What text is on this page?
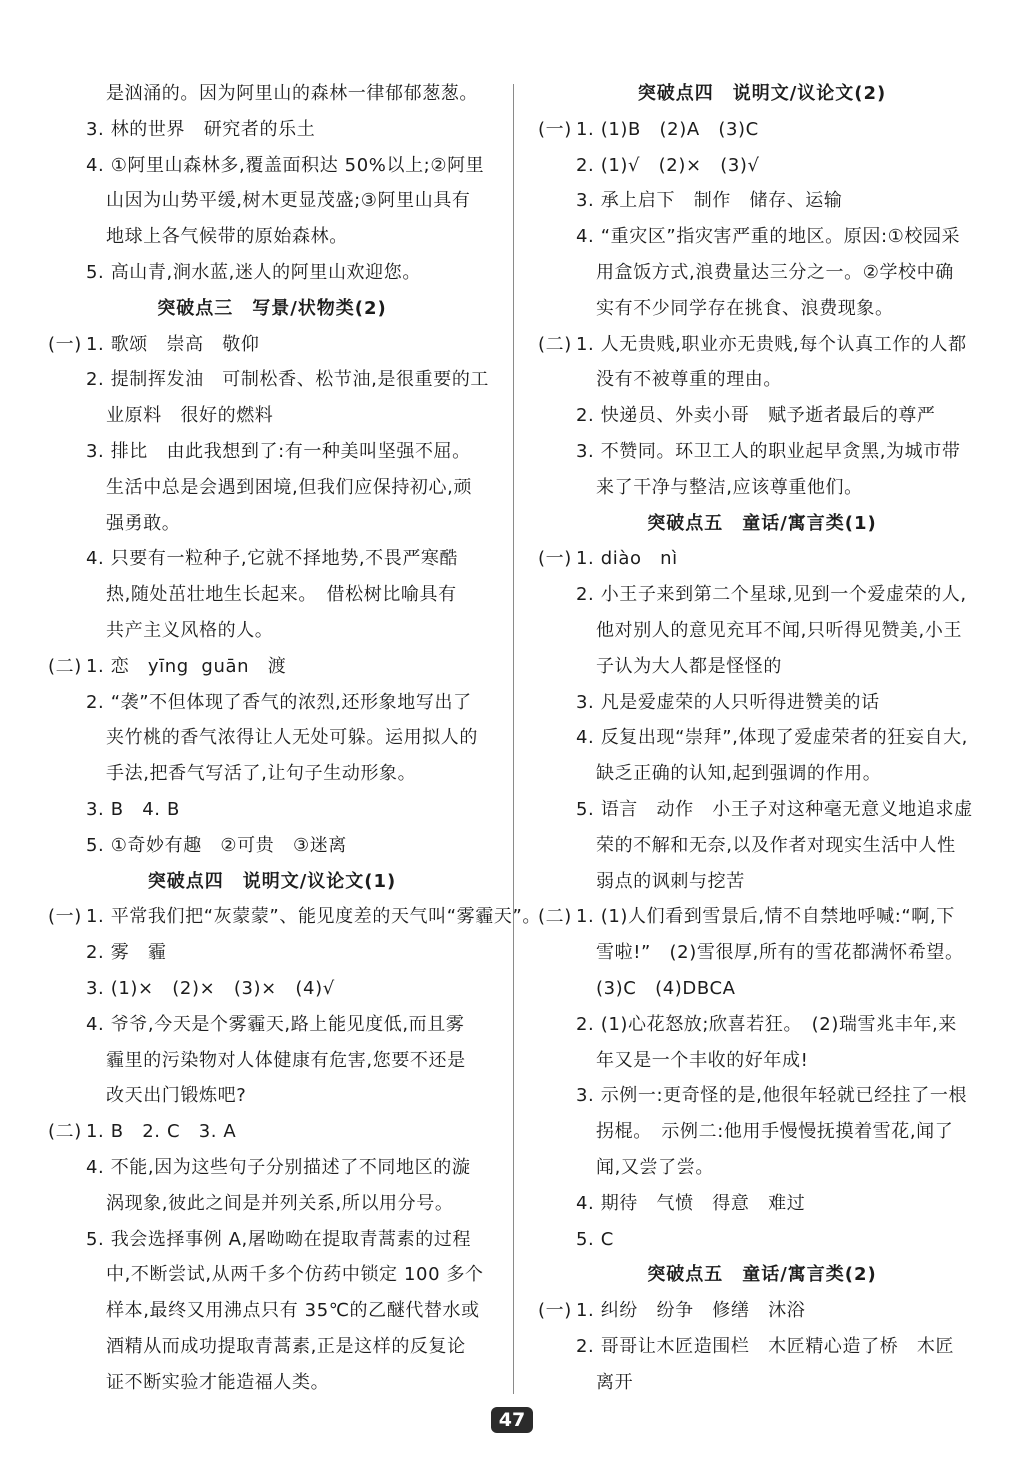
是汹涌的。因为阿里山的森林一律郁郁葱葱。
3. 林的世界　研究者的乐土
4. ①阿里山森林多,覆盖面积达 50%以上;②阿里
山因为山势平缓,树木更显茂盛;③阿里山具有
地球上各气候带的原始森林。
5. 高山青,涧水蓝,迷人的阿里山欢迎您。
突破点三　写景/状物类(2)
(一) 1. 歌颂　崇高　敬仰
2. 提制挥发油　可制松香、松节油,是很重要的工
业原料　很好的燃料
3. 排比　由此我想到了:有一种美叫坚强不屈。
生活中总是会遇到困境,但我们应保持初心,顽
强勇敢。
4. 只要有一粒种子,它就不择地势,不畏严寒酷
热,随处茁壮地生长起来。　借松树比喻具有
共产主义风格的人。
(二) 1. 恋　yīng  guān　渡
2. “袭”不但体现了香气的浓烈,还形象地写出了
夹竹桃的香气浓得让人无处可躲。运用拟人的
手法,把香气写活了,让句子生动形象。
3. B　4. B
5. ①奇妙有趣　②可贵　③迷离
突破点四　说明文/议论文(1)
(一) 1. 平常我们把“灰蒙蒙”、能见度差的天气叫“雾霾天”。
2. 雾　霾
3. (1)×　(2)×　(3)×　(4)√
4. 爷爷,今天是个雾霾天,路上能见度低,而且雾
霾里的污染物对人体健康有危害,您要不还是
改天出门锻炼吧?
(二) 1. B　2. C　3. A
4. 不能,因为这些句子分别描述了不同地区的漩
涡现象,彼此之间是并列关系,所以用分号。
5. 我会选择事例 A,屠呦呦在提取青蒿素的过程
中,不断尝试,从两千多个仿药中锁定 100 多个
样本,最终又用沸点只有 35℃的乙醚代替水或
酒精从而成功提取青蒿素,正是这样的反复论
证不断实验才能造福人类。
突破点四　说明文/议论文(2)
(一) 1. (1)B　(2)A　(3)C
2. (1)√　(2)×　(3)√
3. 承上启下　制作　储存、运输
4. “重灾区”指灾害严重的地区。原因:①校园采
用盒饭方式,浪费量达三分之一。②学校中确
实有不少同学存在挑食、浪费现象。
(二) 1. 人无贵贱,职业亦无贵贱,每个认真工作的人都
没有不被尊重的理由。
2. 快递员、外卖小哥　赋予逝者最后的尊严
3. 不赞同。环卫工人的职业起早贪黑,为城市带
来了干净与整洁,应该尊重他们。
突破点五　童话/寓言类(1)
(一) 1. diào　nì
2. 小王子来到第二个星球,见到一个爱虚荣的人,
他对别人的意见充耳不闻,只听得见赞美,小王
子认为大人都是怪怪的
3. 凡是爱虚荣的人只听得进赞美的话
4. 反复出现“崇拜”,体现了爱虚荣者的狂妄自大,
缺乏正确的认知,起到强调的作用。
5. 语言　动作　小王子对这种毫无意义地追求虚
荣的不解和无奈,以及作者对现实生活中人性
弱点的讽刺与挖苦
(二) 1. (1)人们看到雪景后,情不自禁地呼喊:“啊,下
雪啦!”　(2)雪很厚,所有的雪花都满怀希望。
(3)C　(4)DBCA
2. (1)心花怒放;欣喜若狂。　(2)瑞雪兆丰年,来
年又是一个丰收的好年成!
3. 示例一:更奇怪的是,他很年轻就已经拄了一根
拐棍。　示例二:他用手慢慢抚摸着雪花,闻了
闻,又尝了尝。
4. 期待　气愤　得意　难过
5. C
突破点五　童话/寓言类(2)
(一) 1. 纠纷　纷争　修缮　沐浴
2. 哥哥让木匠造围栏　木匠精心造了桥　木匠
离开
47
